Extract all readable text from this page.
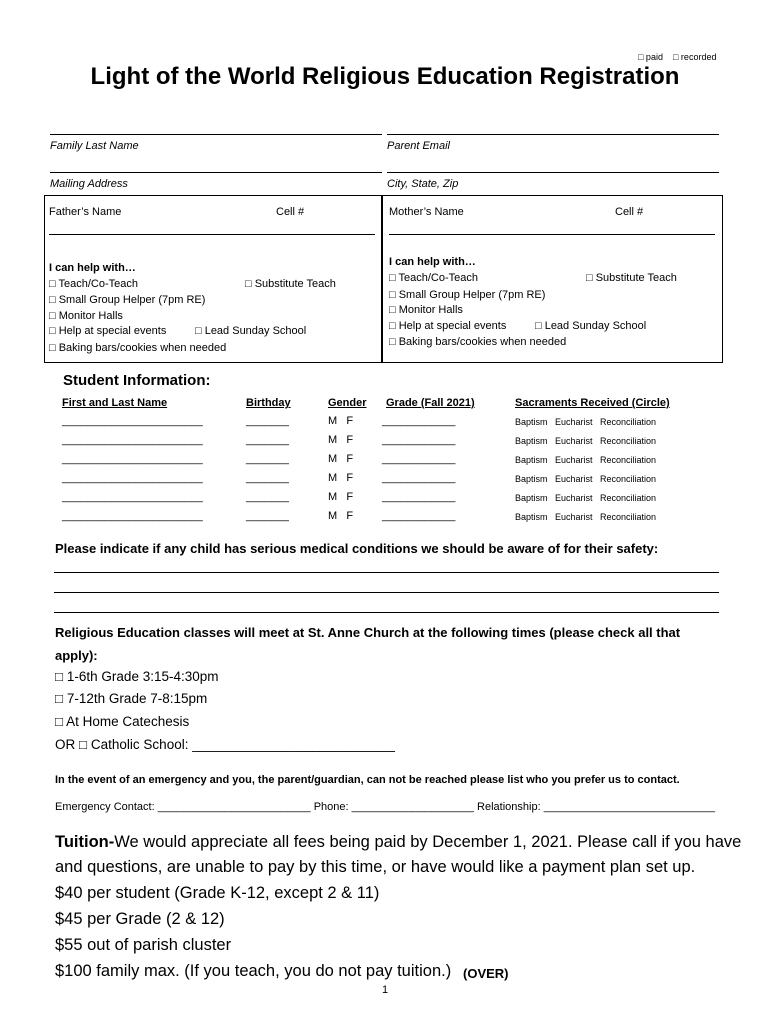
□ paid □ recorded
Light of the World Religious Education Registration
Family Last Name	Parent Email
Mailing Address	City, State, Zip
Father’s Name	Cell #
I can help with…
□ Teach/Co-Teach	□ Substitute Teach
□ Small Group Helper (7pm RE)
□ Monitor Halls
□ Help at special events	□ Lead Sunday School
□ Baking bars/cookies when needed
Mother’s Name	Cell #
I can help with…
□ Teach/Co-Teach	□ Substitute Teach
□ Small Group Helper (7pm RE)
□ Monitor Halls
□ Help at special events	□ Lead Sunday School
□ Baking bars/cookies when needed
Student Information:
First and Last Name	Birthday	Gender Grade (Fall 2021)	Sacraments Received (Circle)
_______________________	_______	M   F	____________	Baptism   Eucharist   Reconciliation
_______________________	_______	M   F	____________	Baptism   Eucharist   Reconciliation
_______________________	_______	M   F	____________	Baptism   Eucharist   Reconciliation
_______________________	_______	M   F	____________	Baptism   Eucharist   Reconciliation
_______________________	_______	M   F	____________	Baptism   Eucharist   Reconciliation
_______________________	_______	M   F	____________	Baptism   Eucharist   Reconciliation
Please indicate if any child has serious medical conditions we should be aware of for their safety:
Religious Education classes will meet at St. Anne Church at the following times (please check all that
apply):
□ 1-6th Grade 3:15-4:30pm
□ 7-12th Grade 7-8:15pm
□ At Home Catechesis
OR □ Catholic School: ___________________________
In the event of an emergency and you, the parent/guardian, can not be reached please list who you prefer us to contact.
Emergency Contact: _________________________ Phone: ____________________ Relationship: ____________________________
Tuition-We would appreciate all fees being paid by December 1, 2021. Please call if you have
and questions, are unable to pay by this time, or have would like a payment plan set up.
$40 per student (Grade K-12, except 2 & 11)
$45 per Grade (2 & 12)
$55 out of parish cluster
$100 family max. (If you teach, you do not pay tuition.) (OVER)
1
